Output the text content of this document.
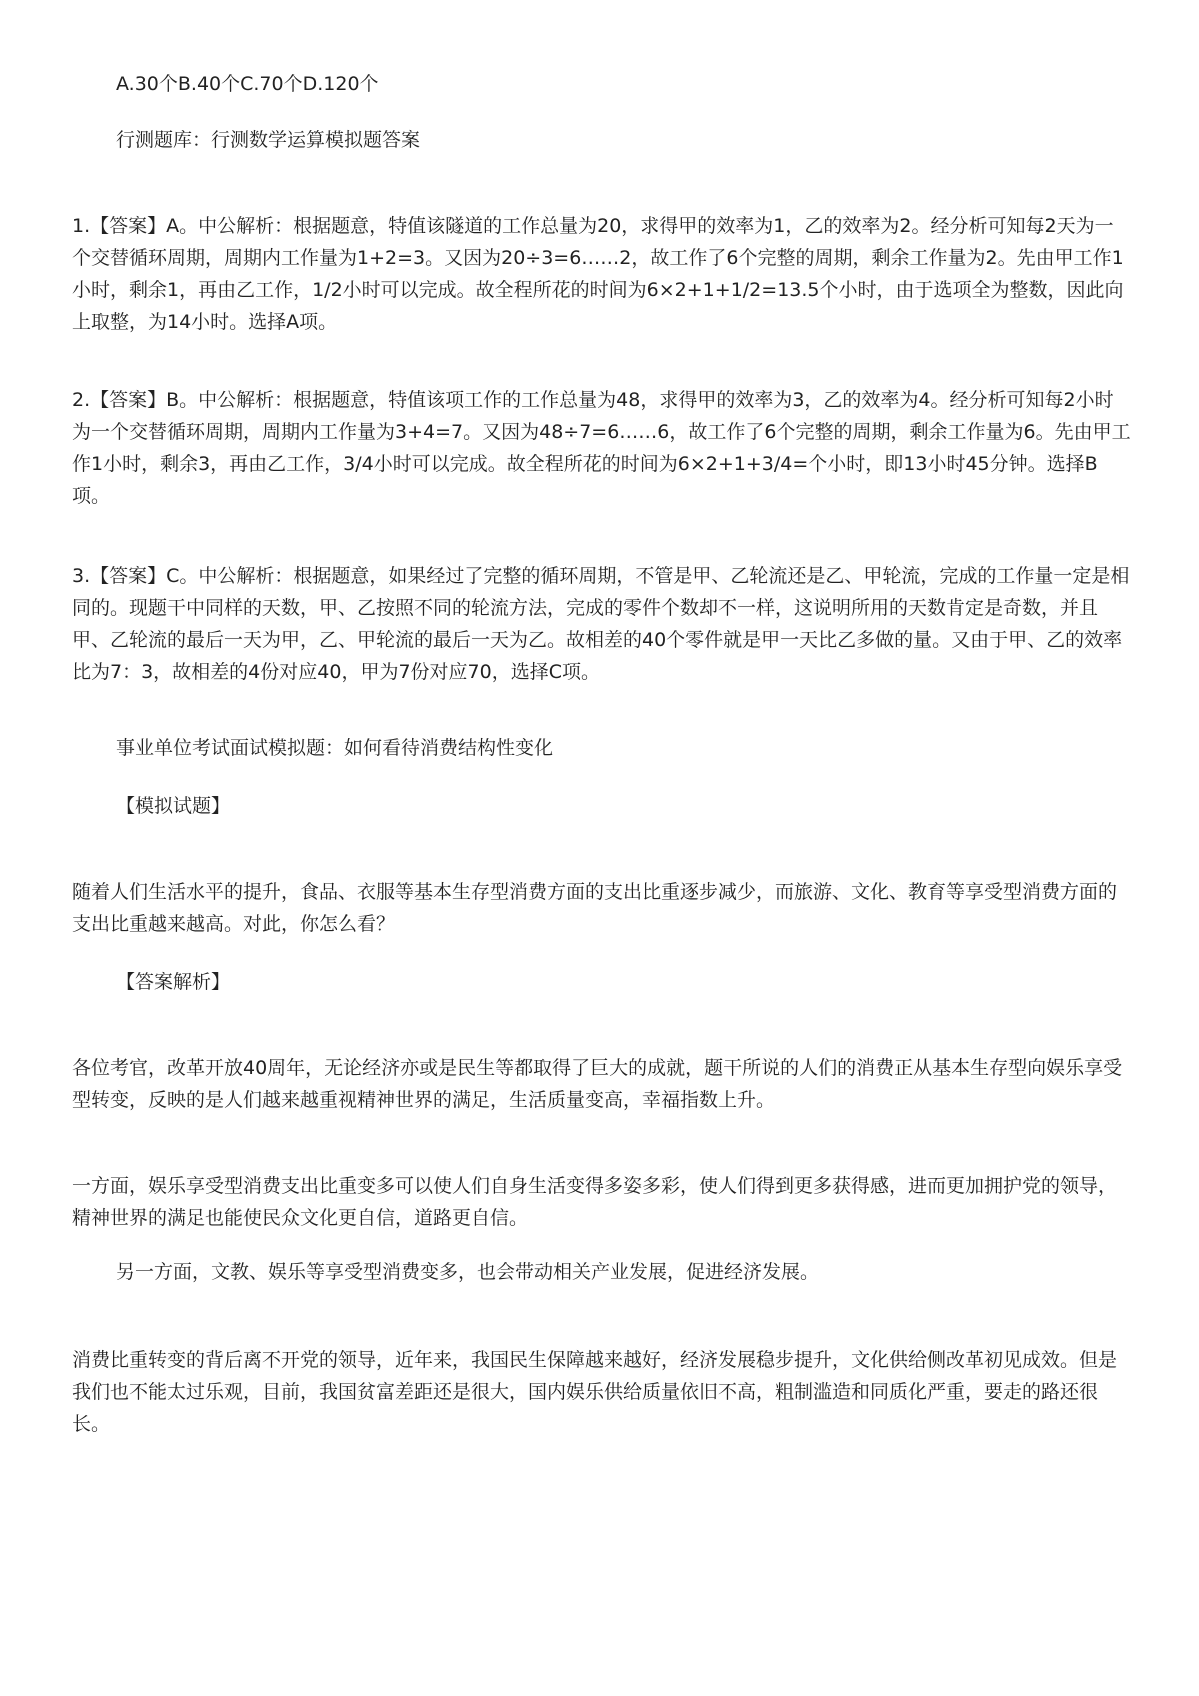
A.30个B.40个C.70个D.120个
行测题库：行测数学运算模拟题答案
1.【答案】A。中公解析：根据题意，特值该隧道的工作总量为20，求得甲的效率为1，乙的效率为2。经分析可知每2天为一个交替循环周期，周期内工作量为1+2=3。又因为20÷3=6……2，故工作了6个完整的周期，剩余工作量为2。先由甲工作1小时，剩余1，再由乙工作，1/2小时可以完成。故全程所花的时间为6×2+1+1/2=13.5个小时，由于选项全为整数，因此向上取整，为14小时。选择A项。
2.【答案】B。中公解析：根据题意，特值该项工作的工作总量为48，求得甲的效率为3，乙的效率为4。经分析可知每2小时为一个交替循环周期，周期内工作量为3+4=7。又因为48÷7=6……6，故工作了6个完整的周期，剩余工作量为6。先由甲工作1小时，剩余3，再由乙工作，3/4小时可以完成。故全程所花的时间为6×2+1+3/4=个小时，即13小时45分钟。选择B项。
3.【答案】C。中公解析：根据题意，如果经过了完整的循环周期，不管是甲、乙轮流还是乙、甲轮流，完成的工作量一定是相同的。现题干中同样的天数，甲、乙按照不同的轮流方法，完成的零件个数却不一样，这说明所用的天数肯定是奇数，并且甲、乙轮流的最后一天为甲，乙、甲轮流的最后一天为乙。故相差的40个零件就是甲一天比乙多做的量。又由于甲、乙的效率比为7：3，故相差的4份对应40，甲为7份对应70，选择C项。
事业单位考试面试模拟题：如何看待消费结构性变化
【模拟试题】
随着人们生活水平的提升，食品、衣服等基本生存型消费方面的支出比重逐步减少，而旅游、文化、教育等享受型消费方面的支出比重越来越高。对此，你怎么看？
【答案解析】
各位考官，改革开放40周年，无论经济亦或是民生等都取得了巨大的成就，题干所说的人们的消费正从基本生存型向娱乐享受型转变，反映的是人们越来越重视精神世界的满足，生活质量变高，幸福指数上升。
一方面，娱乐享受型消费支出比重变多可以使人们自身生活变得多姿多彩，使人们得到更多获得感，进而更加拥护党的领导，精神世界的满足也能使民众文化更自信，道路更自信。
另一方面，文教、娱乐等享受型消费变多，也会带动相关产业发展，促进经济发展。
消费比重转变的背后离不开党的领导，近年来，我国民生保障越来越好，经济发展稳步提升，文化供给侧改革初见成效。但是我们也不能太过乐观，目前，我国贫富差距还是很大，国内娱乐供给质量依旧不高，粗制滥造和同质化严重，要走的路还很长。
